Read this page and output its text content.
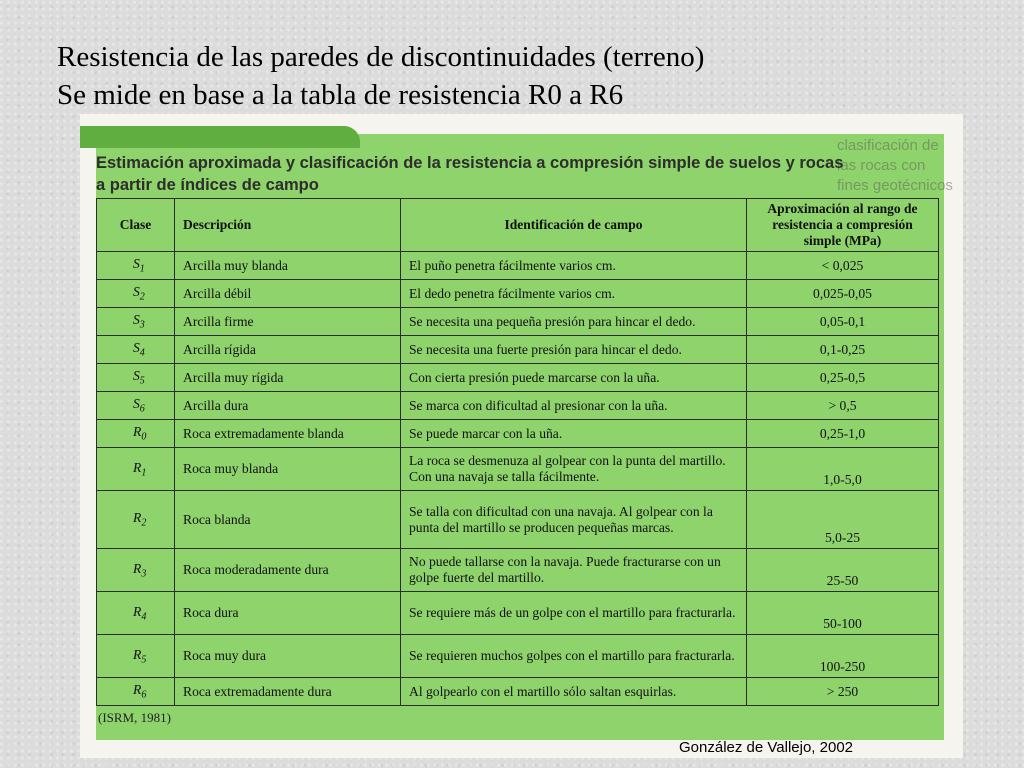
Resistencia de las paredes de discontinuidades (terreno)
Se mide en base a la tabla de resistencia R0 a R6
clasificación de las rocas con fines geotécnicos
Estimación aproximada y clasificación de la resistencia a compresión simple de suelos y rocas
a partir de índices de campo
Clase	Descripción	Identificación de campo	Aproximación al rango de resistencia a compresión simple (MPa)
$S_1$	Arcilla muy blanda	El puño penetra fácilmente varios cm.	< 0,025
$S_2$	Arcilla débil	El dedo penetra fácilmente varios cm.	0,025-0,05
$S_3$	Arcilla firme	Se necesita una pequeña presión para hincar el dedo.	0,05-0,1
$S_4$	Arcilla rígida	Se necesita una fuerte presión para hincar el dedo.	0,1-0,25
$S_5$	Arcilla muy rígida	Con cierta presión puede marcarse con la uña.	0,25-0,5
$S_6$	Arcilla dura	Se marca con dificultad al presionar con la uña.	> 0,5
$R_0$	Roca extremadamente blanda	Se puede marcar con la uña.	0,25-1,0
$R_1$	Roca muy blanda	La roca se desmenuza al golpear con la punta del martillo. Con una navaja se talla fácilmente.	1,0-5,0
$R_2$	Roca blanda	Se talla con dificultad con una navaja. Al golpear con la punta del martillo se producen pequeñas marcas.	5,0-25
$R_3$	Roca moderadamente dura	No puede tallarse con la navaja. Puede fracturarse con un golpe fuerte del martillo.	25-50
$R_4$	Roca dura	Se requiere más de un golpe con el martillo para fracturarla.	50-100
$R_5$	Roca muy dura	Se requieren muchos golpes con el martillo para fracturarla.	100-250
$R_6$	Roca extremadamente dura	Al golpearlo con el martillo sólo saltan esquirlas.	> 250
(ISRM, 1981)
González de Vallejo, 2002
